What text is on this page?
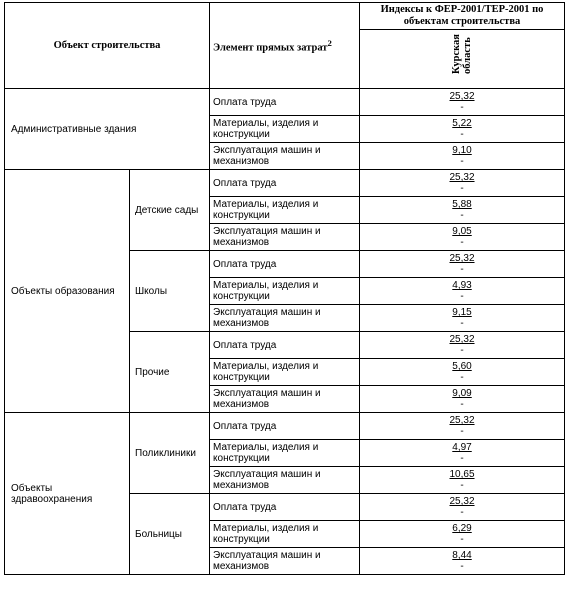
Объект строительства		Элемент прямых затрат$^2$	Индексы к ФЕР-2001/ТЕР-2001 по объектам строительства
			Курская область
Административные здания		Оплата труда	25,32
-

		Материалы, изделия и конструкции	5,22
-

		Эксплуатация машин и механизмов	9,10
-

Объекты образования	Детские сады	Оплата труда	25,32
-

		Материалы, изделия и конструкции	5,88
-

		Эксплуатация машин и механизмов	9,05
-

	Школы	Оплата труда	25,32
-

		Материалы, изделия и конструкции	4,93
-

		Эксплуатация машин и механизмов	9,15
-

	Прочие	Оплата труда	25,32
-

		Материалы, изделия и конструкции	5,60
-

		Эксплуатация машин и механизмов	9,09
-

Объекты здравоохранения	Поликлиники	Оплата труда	25,32
-

		Материалы, изделия и конструкции	4,97
-

		Эксплуатация машин и механизмов	10,65
-

	Больницы	Оплата труда	25,32
-

		Материалы, изделия и конструкции	6,29
-

		Эксплуатация машин и механизмов	8,44
-
